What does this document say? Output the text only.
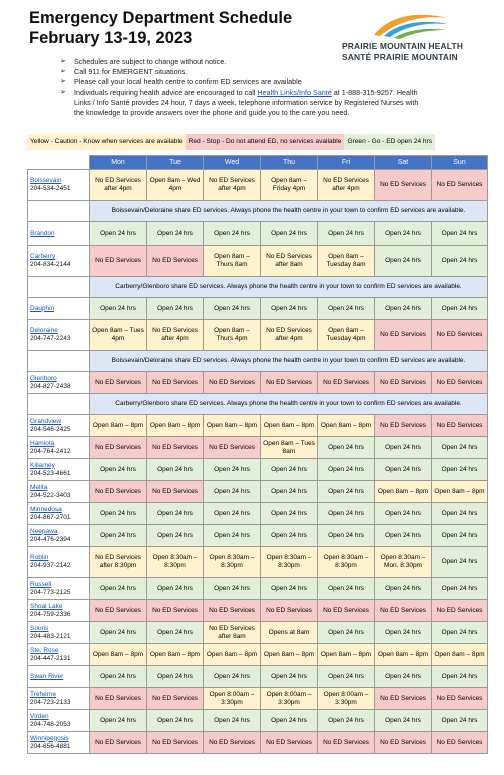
Emergency Department Schedule
February 13-19, 2023	PRAIRIE MOUNTAIN HEALTH
SANTÉ PRAIRIE MOUNTAIN
➢ Schedules are subject to change without notice.
➢ Call 911 for EMERGENT situations.
➢ Please call your local health centre to confirm ED services are available
➢ Individuals requiring health advice are encouraged to call Health Links/Info Santé at 1-888-315-9257. Health
Links / Info Santé provides 24 hour, 7 days a week, telephone information service by Registered Nurses with
the knowledge to provide answers over the phone and guide you to the care you need.
Yellow - Caution - Know when services are available Red - Stop - Do not attend ED, no services available Green - Go - ED open 24 hrs
	Mon	Tue	Wed	Thu	Fri	Sat	Sun

Boissevain
204-534-2451	No ED Services after 4pm	Open 8am – Wed 4pm	No ED Services after 4pm	Open 8am – Friday 4pm	No ED Services after 4pm	No ED Services	No ED Services
	Boissevain/Deloraine share ED services. Always phone the health centre in your town to confirm ED services are available.						

Brandon	Open 24 hrs	Open 24 hrs	Open 24 hrs	Open 24 hrs	Open 24 hrs	Open 24 hrs	Open 24 hrs

Carberry
204-834-2144	No ED Services	No ED Services	Open 8am – Thurs 8am	No ED Services after 8am	Open 8am – Tuesday 8am	Open 24 hrs	Open 24 hrs
	Carberry/Glenboro share ED services. Always phone the health centre in your town to confirm ED services are available.						

Dauphin	Open 24 hrs	Open 24 hrs	Open 24 hrs	Open 24 hrs	Open 24 hrs	Open 24 hrs	Open 24 hrs

Deloraine
204-747-2243	Open 8am – Tues 4pm	No ED Services after 4pm	Open 8am – Thurs 4pm	No ED Services after 4pm	Open 8am – Tuesday 4pm	No ED Services	No ED Services
	Boissevain/Deloraine share ED services. Always phone the health centre in your town to confirm ED services are available.						

Glenboro
204-827-2438	No ED Services	No ED Services	No ED Services	No ED Services	No ED Services	No ED Services	No ED Services
	Carberry/Glenboro share ED services. Always phone the health centre in your town to confirm ED services are available.						

Grandview
204-546-2425	Open 8am – 8pm	Open 8am – 8pm	Open 8am – 8pm	Open 8am – 8pm	Open 8am – 8pm	No ED Services	No ED Services

Hamiota
204-764-2412	No ED Services	No ED Services	No ED Services	Open 8am – Tues 8am	Open 24 hrs	Open 24 hrs	Open 24 hrs

Killarney
204-523-4661	Open 24 hrs	Open 24 hrs	Open 24 hrs	Open 24 hrs	Open 24 hrs	Open 24 hrs	Open 24 hrs

Melita
204-522-3403	No ED Services	No ED Services	Open 24 hrs	Open 24 hrs	Open 24 hrs	Open 8am – 8pm	Open 8am – 8pm

Minnedosa
204-867-2701	Open 24 hrs	Open 24 hrs	Open 24 hrs	Open 24 hrs	Open 24 hrs	Open 24 hrs	Open 24 hrs

Neepawa
204-476-2394	Open 24 hrs	Open 24 hrs	Open 24 hrs	Open 24 hrs	Open 24 hrs	Open 24 hrs	Open 24 hrs

Roblin
204-937-2142	No ED Services after 8:30pm	Open 8:30am – 8:30pm	Open 8:30am – 8:30pm	Open 8:30am – 8:30pm	Open 8:30am – 8:30pm	Open 8:30am – Mon. 8:30pm	Open 24 hrs

Russell
204-773-2125	Open 24 hrs	Open 24 hrs	Open 24 hrs	Open 24 hrs	Open 24 hrs	Open 24 hrs	Open 24 hrs

Shoal Lake
204-759-2336	No ED Services	No ED Services	No ED Services	No ED Services	No ED Services	No ED Services	No ED Services

Souris
204-483-2121	Open 24 hrs	Open 24 hrs	No ED Services after 8am	Opens at 8am	Open 24 hrs	Open 24 hrs	Open 24 hrs

Ste. Rose
204-447-2131	Open 8am – 8pm	Open 8am – 8pm	Open 8am – 8pm	Open 8am – 8pm	Open 8am – 8pm	Open 8am – 8pm	Open 8am – 8pm

Swan River	Open 24 hrs	Open 24 hrs	Open 24 hrs	Open 24 hrs	Open 24 hrs	Open 24 hrs	Open 24 hrs

Treherne
204-723-2133	No ED Services	No ED Services	Open 8:00am – 3:30pm	Open 8:00am – 3:30pm	Open 8:00am – 3:30pm	No ED Services	No ED Services

Virden
204-748-2053	Open 24 hrs	Open 24 hrs	Open 24 hrs	Open 24 hrs	Open 24 hrs	Open 24 hrs	Open 24 hrs

Winnipegosis
204-656-4881	No ED Services	No ED Services	No ED Services	No ED Services	No ED Services	No ED Services	No ED Services
